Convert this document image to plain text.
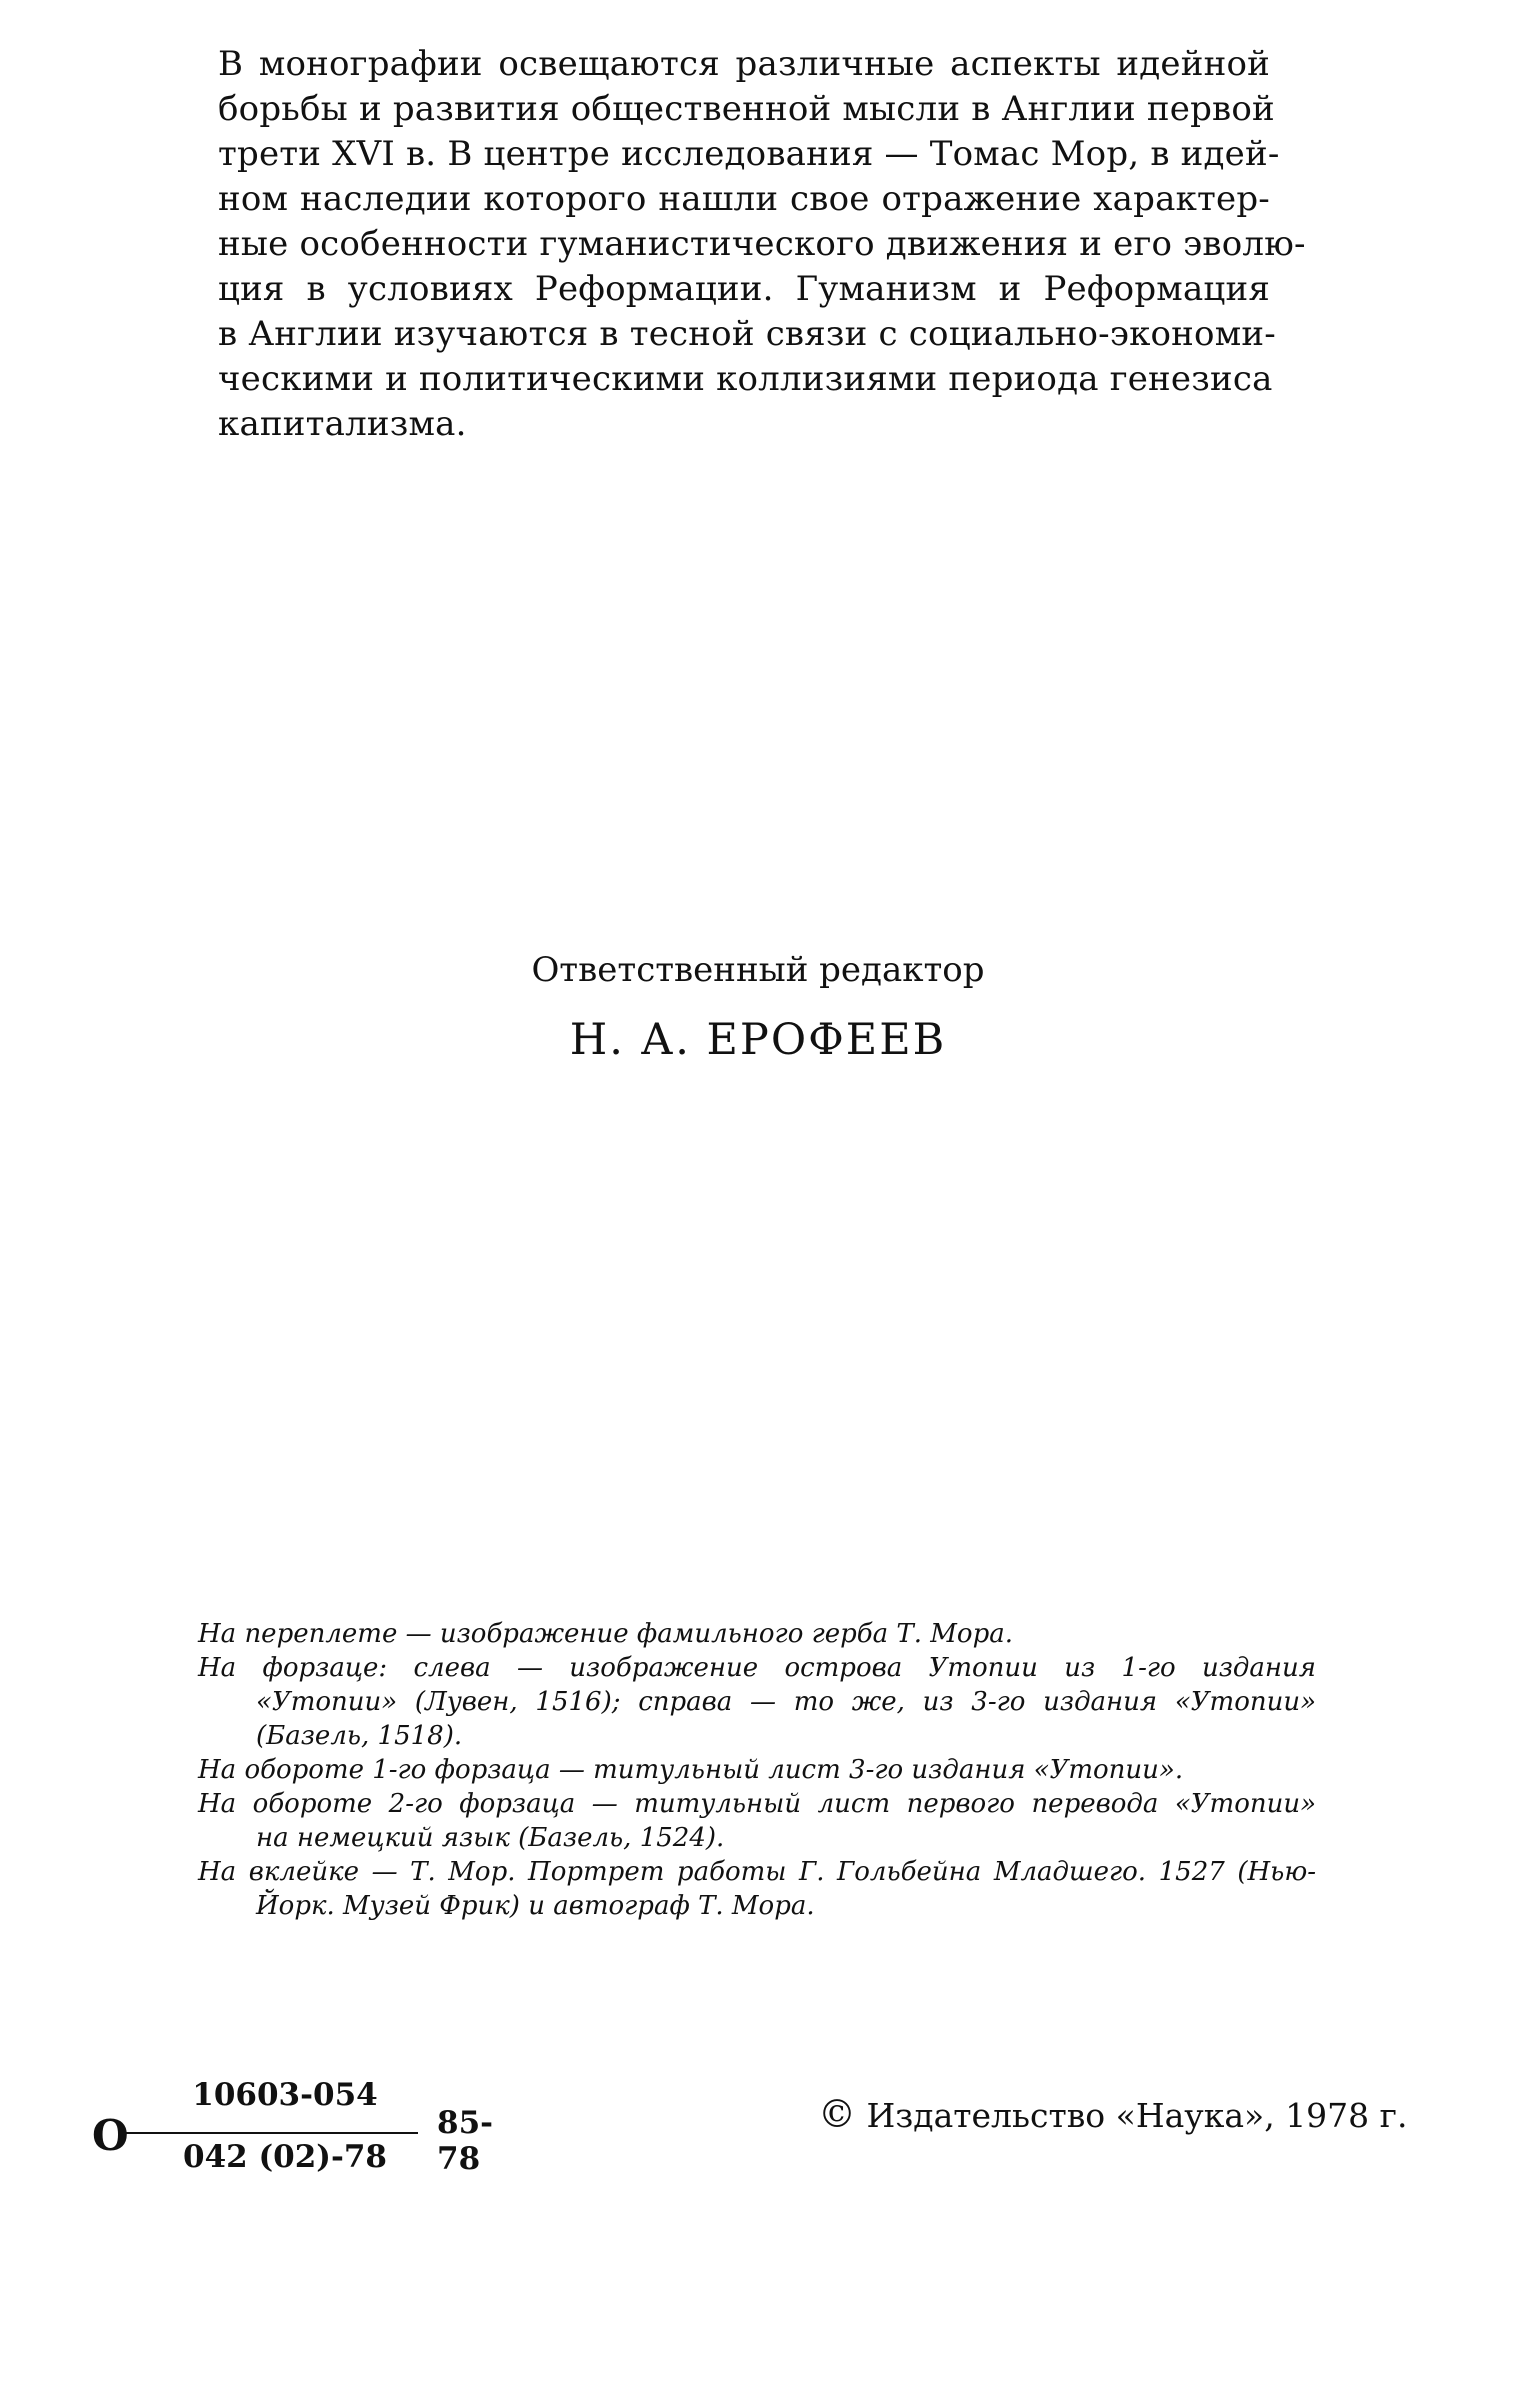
В монографии освещаются различные аспекты идейной
борьбы и развития общественной мысли в Англии первой
трети XVI в. В центре исследования — Томас Мор, в идей-
ном наследии которого нашли свое отражение характер-
ные особенности гуманистического движения и его эволю-
ция в условиях Реформации. Гуманизм и Реформация
в Англии изучаются в тесной связи с социально-экономи-
ческими и политическими коллизиями периода генезиса
капитализма.

Ответственный редактор

Н. А. ЕРОФЕЕВ
На переплете — изображение фамильного герба Т. Мора.
На форзаце: слева — изображение острова Утопии из 1-го издания
«Утопии» (Лувен, 1516); справа — то же, из 3-го издания «Утопии»
(Базель, 1518).
На обороте 1-го форзаца — титульный лист 3-го издания «Утопии».
На обороте 2-го форзаца — титульный лист первого перевода «Утопии»
на немецкий язык (Базель, 1524).
На вклейке — Т. Мор. Портрет работы Г. Гольбейна Младшего. 1527 (Нью-
Йорк. Музей Фрик) и автограф Т. Мора.
О
10603-054
042 (02)-78
85-78
© Издательство «Наука», 1978 г.
